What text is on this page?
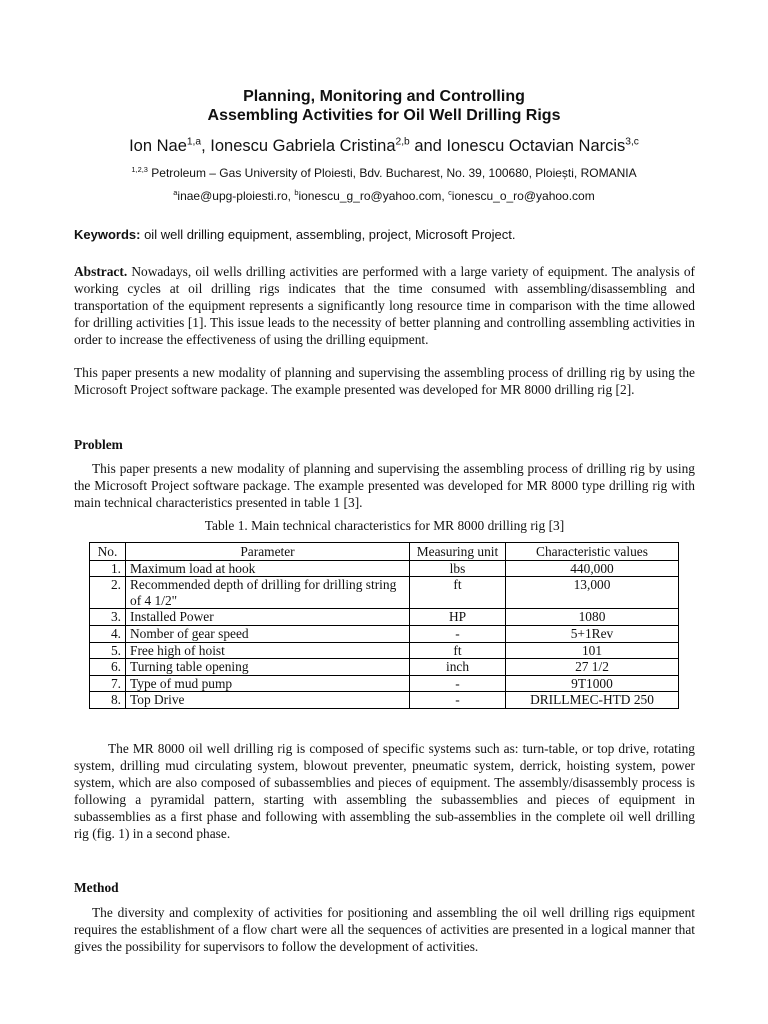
Planning, Monitoring and Controlling
Assembling Activities for Oil Well Drilling Rigs
Ion Nae$^{1,a}$, Ionescu Gabriela Cristina$^{2,b}$ and Ionescu Octavian Narcis$^{3,c}$
$^{1,2,3}$ Petroleum – Gas University of Ploiesti, Bdv. Bucharest, No. 39, 100680, Ploiești, ROMANIA
$^a$inae@upg-ploiesti.ro, $^b$ionescu_g_ro@yahoo.com, $^c$ionescu_o_ro@yahoo.com
Keywords: oil well drilling equipment, assembling, project, Microsoft Project.
Abstract. Nowadays, oil wells drilling activities are performed with a large variety of equipment. The analysis of working cycles at oil drilling rigs indicates that the time consumed with assembling/disassembling and transportation of the equipment represents a significantly long resource time in comparison with the time allowed for drilling activities [1]. This issue leads to the necessity of better planning and controlling assembling activities in order to increase the effectiveness of using the drilling equipment.
This paper presents a new modality of planning and supervising the assembling process of drilling rig by using the Microsoft Project software package. The example presented was developed for MR 8000 drilling rig [2].
Problem
This paper presents a new modality of planning and supervising the assembling process of drilling rig by using the Microsoft Project software package. The example presented was developed for MR 8000 type drilling rig with main technical characteristics presented in table 1 [3].
Table 1. Main technical characteristics for MR 8000 drilling rig [3]
No.	Parameter	Measuring unit	Characteristic values
1.	Maximum load at hook	lbs	440,000
2.	Recommended depth of drilling for drilling string of 4 1/2"	ft	13,000
3.	Installed Power	HP	1080
4.	Nomber of gear speed	-	5+1Rev
5.	Free high of hoist	ft	101
6.	Turning table opening	inch	27 1/2
7.	Type of mud pump	-	9T1000
8.	Top Drive	-	DRILLMEC-HTD 250
The MR 8000 oil well drilling rig is composed of specific systems such as: turn-table, or top drive, rotating system, drilling mud circulating system, blowout preventer, pneumatic system, derrick, hoisting system, power system, which are also composed of subassemblies and pieces of equipment. The assembly/disassembly process is following a pyramidal pattern, starting with assembling the subassemblies and pieces of equipment in subassemblies as a first phase and following with assembling the sub-assemblies in the complete oil well drilling rig (fig. 1) in a second phase.
Method
The diversity and complexity of activities for positioning and assembling the oil well drilling rigs equipment requires the establishment of a flow chart were all the sequences of activities are presented in a logical manner that gives the possibility for supervisors to follow the development of activities.
